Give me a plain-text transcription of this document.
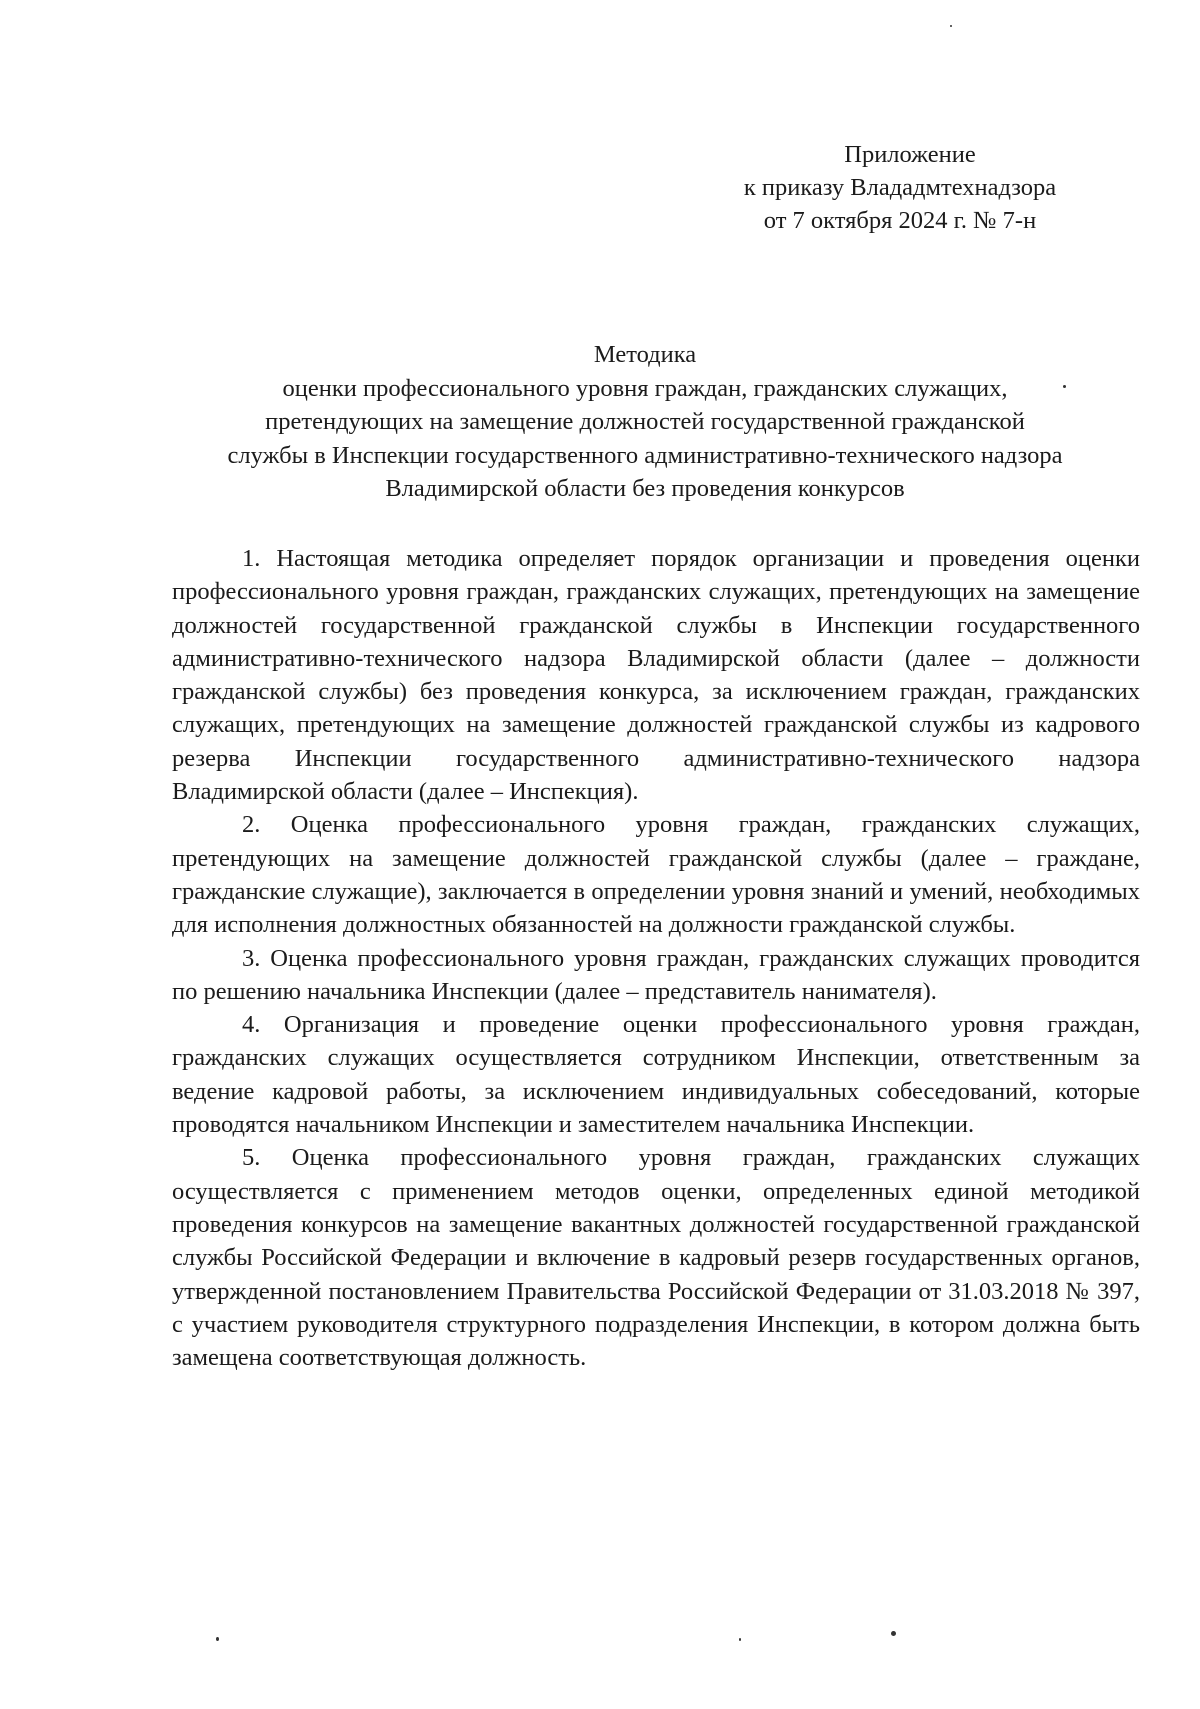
Приложение
к приказу Влададмтехнадзора
от 7 октября 2024 г. № 7-н
Методика
оценки профессионального уровня граждан, гражданских служащих,
претендующих на замещение должностей государственной гражданской
службы в Инспекции государственного административно-технического надзора
Владимирской области без проведения конкурсов

1. Настоящая методика определяет порядок организации и проведения оценки профессионального уровня граждан, гражданских служащих, претендующих на замещение должностей государственной гражданской службы в Инспекции государственного административно-технического надзора Владимирской области (далее – должности гражданской службы) без проведения конкурса, за исключением граждан, гражданских служащих, претендующих на замещение должностей гражданской службы из кадрового резерва Инспекции государственного административно-технического надзора Владимирской области (далее – Инспекция).

2. Оценка профессионального уровня граждан, гражданских служащих, претендующих на замещение должностей гражданской службы (далее – граждане, гражданские служащие), заключается в определении уровня знаний и умений, необходимых для исполнения должностных обязанностей на должности гражданской службы.

3. Оценка профессионального уровня граждан, гражданских служащих проводится по решению начальника Инспекции (далее – представитель нанимателя).

4. Организация и проведение оценки профессионального уровня граждан, гражданских служащих осуществляется сотрудником Инспекции, ответственным за ведение кадровой работы, за исключением индивидуальных собеседований, которые проводятся начальником Инспекции и заместителем начальника Инспекции.

5. Оценка профессионального уровня граждан, гражданских служащих осуществляется с применением методов оценки, определенных единой методикой проведения конкурсов на замещение вакантных должностей государственной гражданской службы Российской Федерации и включение в кадровый резерв государственных органов, утвержденной постановлением Правительства Российской Федерации от 31.03.2018 № 397, с участием руководителя структурного подразделения Инспекции, в котором должна быть замещена соответствующая должность.
